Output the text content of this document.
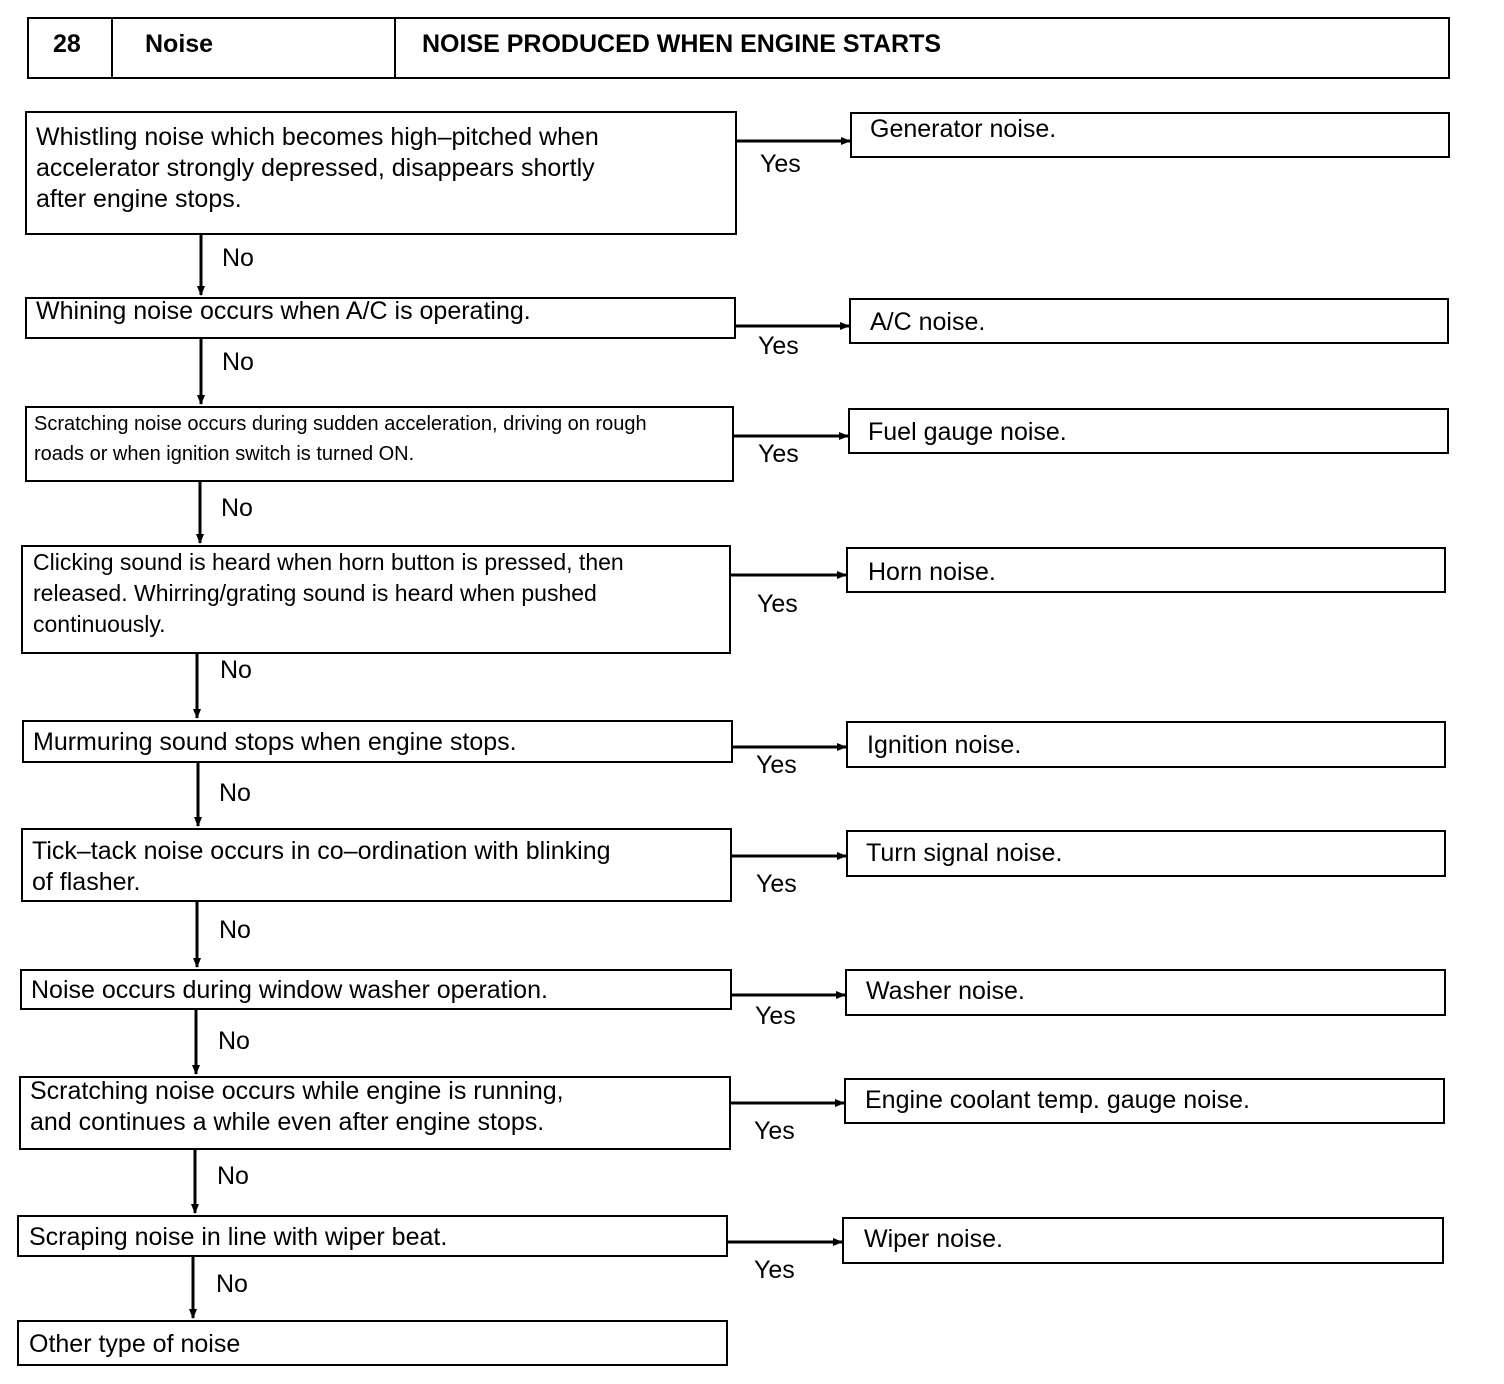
28	Noise	NOISE PRODUCED WHEN ENGINE STARTS
Whistling noise which becomes high–pitched when
accelerator strongly depressed, disappears shortly
after engine stops.
Generator noise.
Yes
No
Whining noise occurs when A/C is operating.	A/C noise.
Yes
No
Scratching noise occurs during sudden acceleration, driving on rough
roads or when ignition switch is turned ON.
Fuel gauge noise.
Yes
No
Clicking sound is heard when horn button is pressed, then
released. Whirring/grating sound is heard when pushed
continuously.
Horn noise.
Yes
No
Murmuring sound stops when engine stops.	Ignition noise.
Yes
No
Tick–tack noise occurs in co–ordination with blinking
of flasher.
Turn signal noise.
Yes
No
Noise occurs during window washer operation.	Washer noise.
Yes
No
Scratching noise occurs while engine is running,
and continues a while even after engine stops.
Engine coolant temp. gauge noise.
Yes
No
Scraping noise in line with wiper beat.	Wiper noise.
Yes
No
Other type of noise
